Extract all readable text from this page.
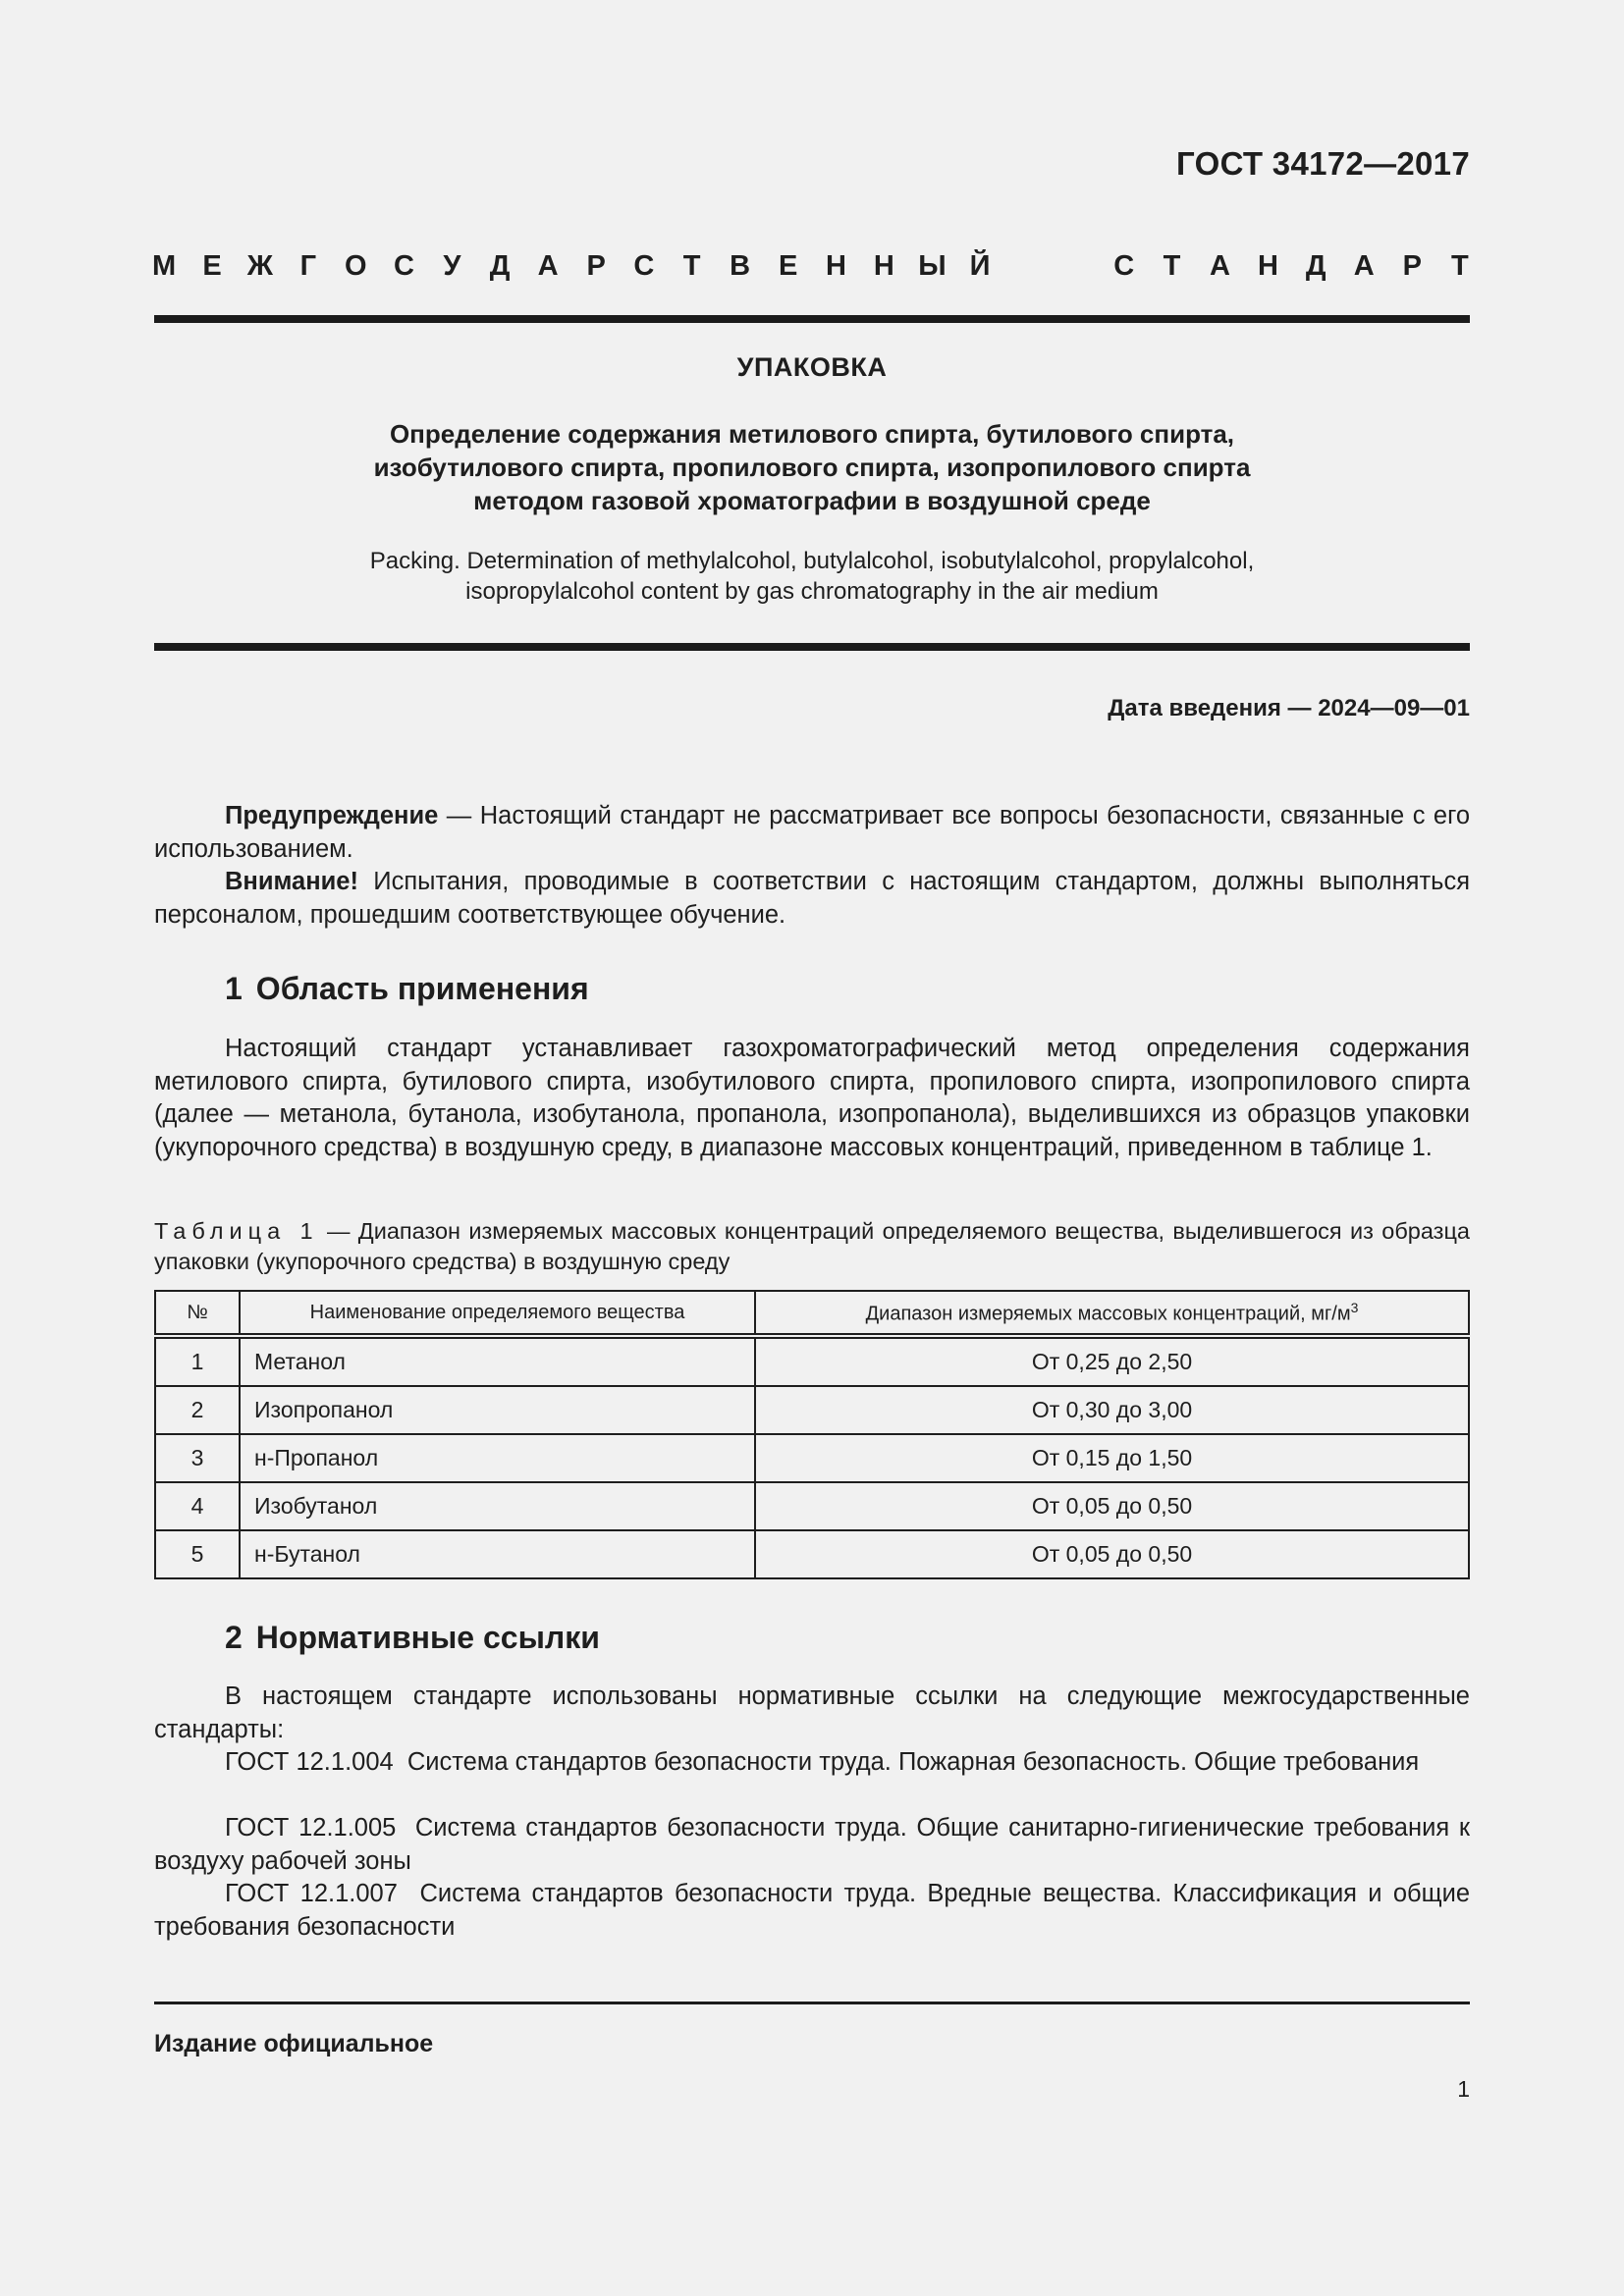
ГОСТ 34172—2017
М Е Ж Г О С У Д А Р С Т В Е Н Н Ы Й	С Т А Н Д А Р Т
УПАКОВКА
Определение содержания метилового спирта, бутилового спирта,
изобутилового спирта, пропилового спирта, изопропилового спирта
методом газовой хроматографии в воздушной среде
Packing. Determination of methylalcohol, butylalcohol, isobutylalcohol, propylalcohol,
isopropylalcohol content by gas chromatography in the air medium
Дата введения — 2024—09—01
Предупреждение — Настоящий стандарт не рассматривает все вопросы безопасности, связанные с его использованием.
Внимание! Испытания, проводимые в соответствии с настоящим стандартом, должны выполняться персоналом, прошедшим соответствующее обучение.
1 Область применения
Настоящий стандарт устанавливает газохроматографический метод определения содержания метилового спирта, бутилового спирта, изобутилового спирта, пропилового спирта, изопропилового спирта (далее — метанола, бутанола, изобутанола, пропанола, изопропанола), выделившихся из образцов упаковки (укупорочного средства) в воздушную среду, в диапазоне массовых концентраций, приведенном в таблице 1.
Таблица 1 — Диапазон измеряемых массовых концентраций определяемого вещества, выделившегося из образца упаковки (укупорочного средства) в воздушную среду
№	Наименование определяемого вещества	Диапазон измеряемых массовых концентраций, $мг/м^3$
1	Метанол	От 0,25 до 2,50
2	Изопропанол	От 0,30 до 3,00
3	н-Пропанол	От 0,15 до 1,50
4	Изобутанол	От 0,05 до 0,50
5	н-Бутанол	От 0,05 до 0,50
2 Нормативные ссылки
В настоящем стандарте использованы нормативные ссылки на следующие межгосударственные стандарты:
ГОСТ 12.1.004 Система стандартов безопасности труда. Пожарная безопасность. Общие требования
ГОСТ 12.1.005 Система стандартов безопасности труда. Общие санитарно-гигиенические требования к воздуху рабочей зоны
ГОСТ 12.1.007 Система стандартов безопасности труда. Вредные вещества. Классификация и общие требования безопасности
Издание официальное
1
